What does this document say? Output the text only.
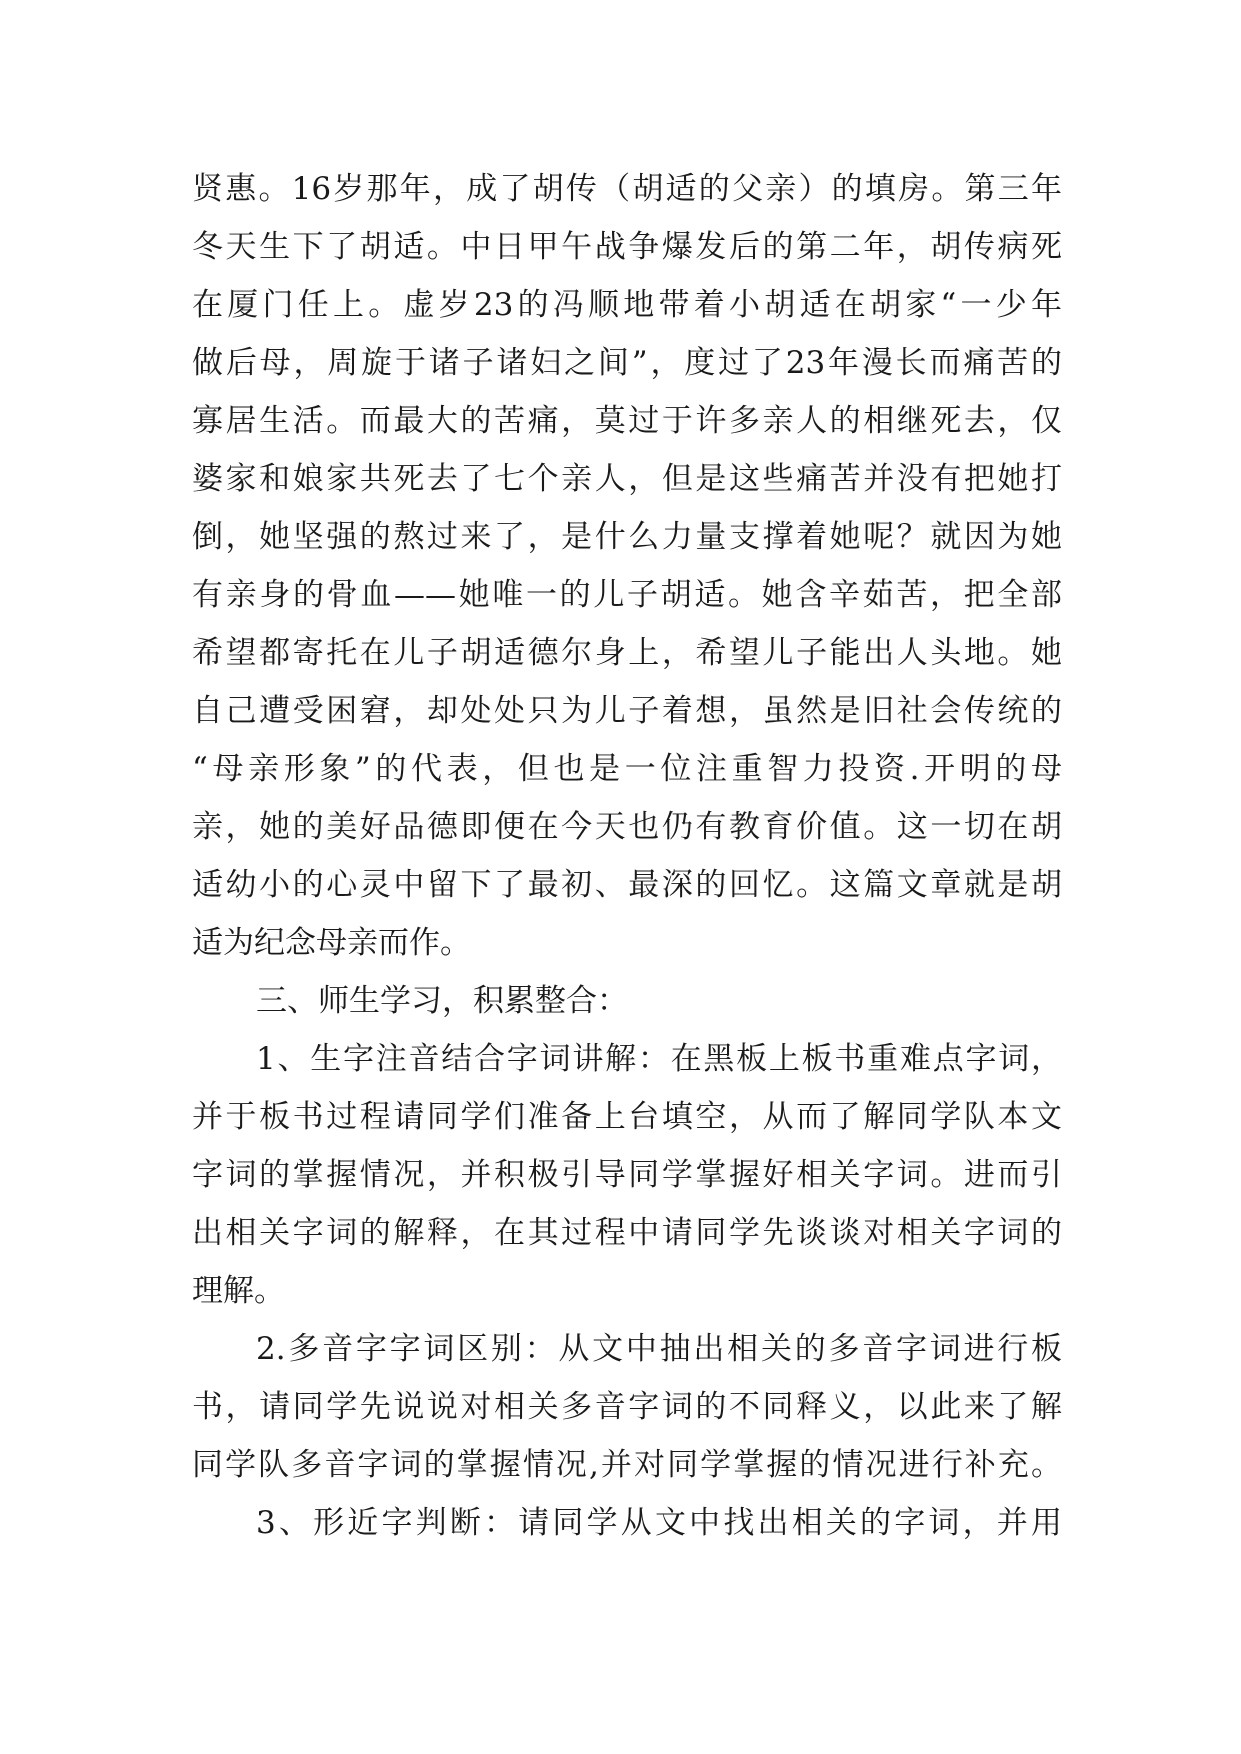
贤惠。16岁那年，成了胡传（胡适的父亲）的填房。第三年
冬天生下了胡适。中日甲午战争爆发后的第二年，胡传病死
在厦门任上。虚岁23的冯顺地带着小胡适在胡家“一少年
做后母，周旋于诸子诸妇之间”，度过了23年漫长而痛苦的
寡居生活。而最大的苦痛，莫过于许多亲人的相继死去，仅
婆家和娘家共死去了七个亲人，但是这些痛苦并没有把她打
倒，她坚强的熬过来了，是什么力量支撑着她呢？就因为她
有亲身的骨血——她唯一的儿子胡适。她含辛茹苦，把全部
希望都寄托在儿子胡适德尔身上，希望儿子能出人头地。她
自己遭受困窘，却处处只为儿子着想，虽然是旧社会传统的
“母亲形象”的代表，但也是一位注重智力投资.开明的母
亲，她的美好品德即便在今天也仍有教育价值。这一切在胡
适幼小的心灵中留下了最初、最深的回忆。这篇文章就是胡
适为纪念母亲而作。
三、师生学习，积累整合：
1、生字注音结合字词讲解：在黑板上板书重难点字词，
并于板书过程请同学们准备上台填空，从而了解同学队本文
字词的掌握情况，并积极引导同学掌握好相关字词。进而引
出相关字词的解释，在其过程中请同学先谈谈对相关字词的
理解。
2.多音字字词区别：从文中抽出相关的多音字词进行板
书，请同学先说说对相关多音字词的不同释义，以此来了解
同学队多音字词的掌握情况,并对同学掌握的情况进行补充。
3、形近字判断：请同学从文中找出相关的字词，并用
